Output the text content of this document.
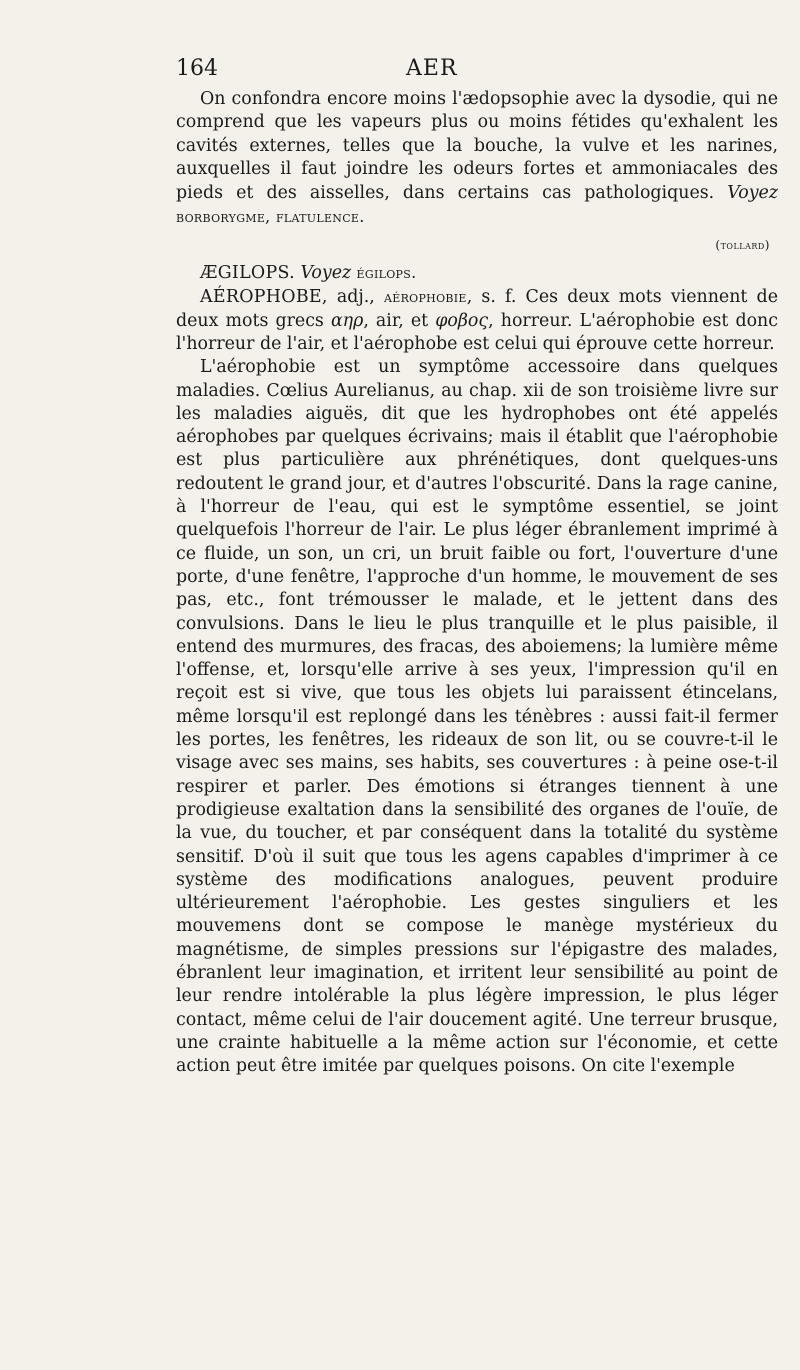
164	AER

On confondra encore moins l'ædopsophie avec la dysodie, qui ne comprend que les vapeurs plus ou moins fétides qu'exhalent les cavités externes, telles que la bouche, la vulve et les narines, auxquelles il faut joindre les odeurs fortes et ammoniacales des pieds et des aisselles, dans certains cas pathologiques. Voyez borborygme, flatulence.

(tollard)

ÆGILOPS. Voyez égilops.

AÉROPHOBE, adj., aérophobie, s. f. Ces deux mots viennent de deux mots grecs αηρ, air, et φοβος, horreur. L'aérophobie est donc l'horreur de l'air, et l'aérophobe est celui qui éprouve cette horreur.

L'aérophobie est un symptôme accessoire dans quelques maladies. Cœlius Aurelianus, au chap. xii de son troisième livre sur les maladies aiguës, dit que les hydrophobes ont été appelés aérophobes par quelques écrivains; mais il établit que l'aérophobie est plus particulière aux phrénétiques, dont quelques-uns redoutent le grand jour, et d'autres l'obscurité. Dans la rage canine, à l'horreur de l'eau, qui est le symptôme essentiel, se joint quelquefois l'horreur de l'air. Le plus léger ébranlement imprimé à ce fluide, un son, un cri, un bruit faible ou fort, l'ouverture d'une porte, d'une fenêtre, l'approche d'un homme, le mouvement de ses pas, etc., font trémousser le malade, et le jettent dans des convulsions. Dans le lieu le plus tranquille et le plus paisible, il entend des murmures, des fracas, des aboiemens; la lumière même l'offense, et, lorsqu'elle arrive à ses yeux, l'impression qu'il en reçoit est si vive, que tous les objets lui paraissent étincelans, même lorsqu'il est replongé dans les ténèbres : aussi fait-il fermer les portes, les fenêtres, les rideaux de son lit, ou se couvre-t-il le visage avec ses mains, ses habits, ses couvertures : à peine ose-t-il respirer et parler. Des émotions si étranges tiennent à une prodigieuse exaltation dans la sensibilité des organes de l'ouïe, de la vue, du toucher, et par conséquent dans la totalité du système sensitif. D'où il suit que tous les agens capables d'imprimer à ce système des modifications analogues, peuvent produire ultérieurement l'aérophobie. Les gestes singuliers et les mouvemens dont se compose le manège mystérieux du magnétisme, de simples pressions sur l'épigastre des malades, ébranlent leur imagination, et irritent leur sensibilité au point de leur rendre intolérable la plus légère impression, le plus léger contact, même celui de l'air doucement agité. Une terreur brusque, une crainte habituelle a la même action sur l'économie, et cette action peut être imitée par quelques poisons. On cite l'exemple
